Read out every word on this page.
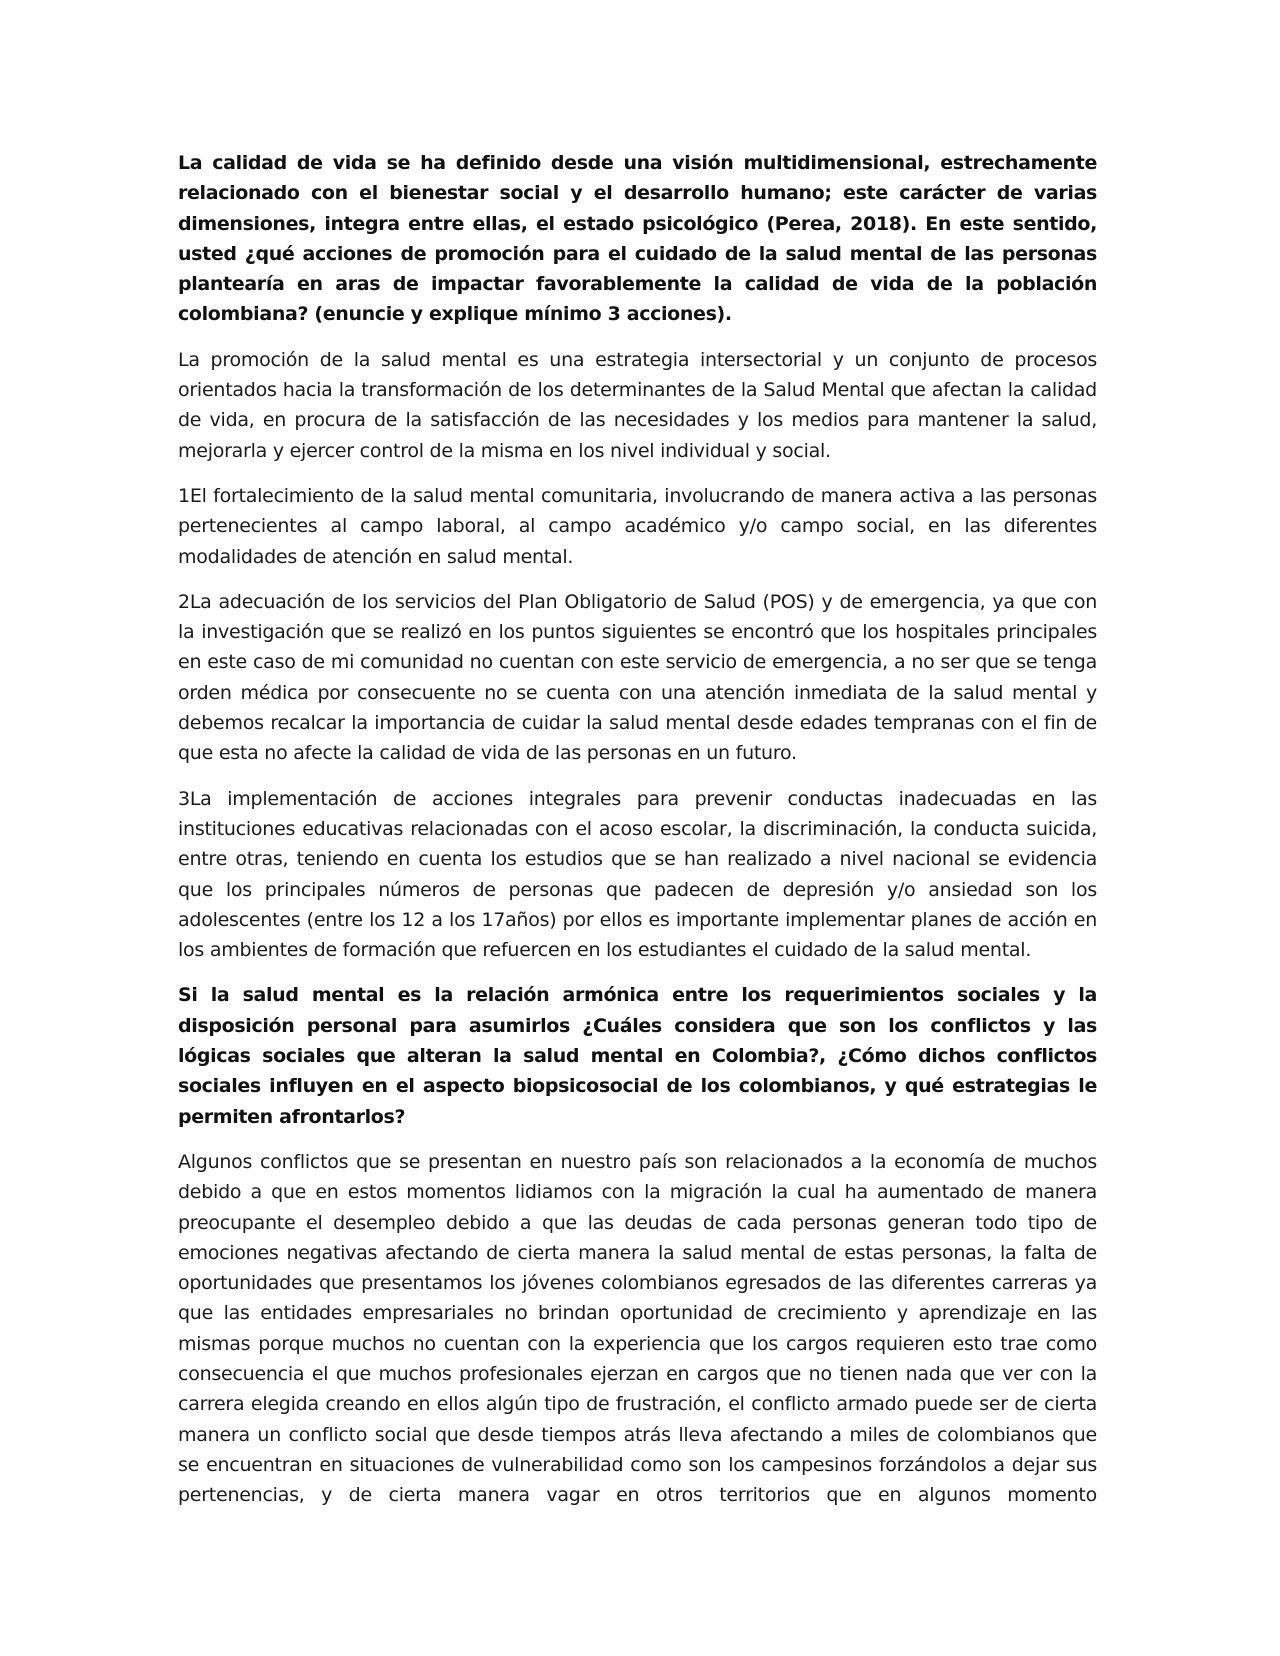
La calidad de vida se ha definido desde una visión multidimensional, estrechamente relacionado con el bienestar social y el desarrollo humano; este carácter de varias dimensiones, integra entre ellas, el estado psicológico (Perea, 2018). En este sentido, usted ¿qué acciones de promoción para el cuidado de la salud mental de las personas plantearía en aras de impactar favorablemente la calidad de vida de la población colombiana? (enuncie y explique mínimo 3 acciones).

La promoción de la salud mental es una estrategia intersectorial y un conjunto de procesos orientados hacia la transformación de los determinantes de la Salud Mental que afectan la calidad de vida, en procura de la satisfacción de las necesidades y los medios para mantener la salud, mejorarla y ejercer control de la misma en los nivel individual y social.

1El fortalecimiento de la salud mental comunitaria, involucrando de manera activa a las personas pertenecientes al campo laboral, al campo académico y/o campo social, en las diferentes modalidades de atención en salud mental.

2La adecuación de los servicios del Plan Obligatorio de Salud (POS) y de emergencia, ya que con la investigación que se realizó en los puntos siguientes se encontró que los hospitales principales en este caso de mi comunidad no cuentan con este servicio de emergencia, a no ser que se tenga orden médica por consecuente no se cuenta con una atención inmediata de la salud mental y debemos recalcar la importancia de cuidar la salud mental desde edades tempranas con el fin de que esta no afecte la calidad de vida de las personas en un futuro.

3La implementación de acciones integrales para prevenir conductas inadecuadas en las instituciones educativas relacionadas con el acoso escolar, la discriminación, la conducta suicida, entre otras, teniendo en cuenta los estudios que se han realizado a nivel nacional se evidencia que los principales números de personas que padecen de depresión y/o ansiedad son los adolescentes (entre los 12 a los 17años) por ellos es importante implementar planes de acción en los ambientes de formación que refuercen en los estudiantes el cuidado de la salud mental.

Si la salud mental es la relación armónica entre los requerimientos sociales y la disposición personal para asumirlos ¿Cuáles considera que son los conflictos y las lógicas sociales que alteran la salud mental en Colombia?, ¿Cómo dichos conflictos sociales influyen en el aspecto biopsicosocial de los colombianos, y qué estrategias le permiten afrontarlos?

Algunos conflictos que se presentan en nuestro país son relacionados a la economía de muchos debido a que en estos momentos lidiamos con la migración la cual ha aumentado de manera preocupante el desempleo debido a que las deudas de cada personas generan todo tipo de emociones negativas afectando de cierta manera la salud mental de estas personas, la falta de oportunidades que presentamos los jóvenes colombianos egresados de las diferentes carreras ya que las entidades empresariales no brindan oportunidad de crecimiento y aprendizaje en las mismas porque muchos no cuentan con la experiencia que los cargos requieren esto trae como consecuencia el que muchos profesionales ejerzan en cargos que no tienen nada que ver con la carrera elegida creando en ellos algún tipo de frustración, el conflicto armado puede ser de cierta manera un conflicto social que desde tiempos atrás lleva afectando a miles de colombianos que se encuentran en situaciones de vulnerabilidad como son los campesinos forzándolos a dejar sus pertenencias, y de cierta manera vagar en otros territorios que en algunos momento
